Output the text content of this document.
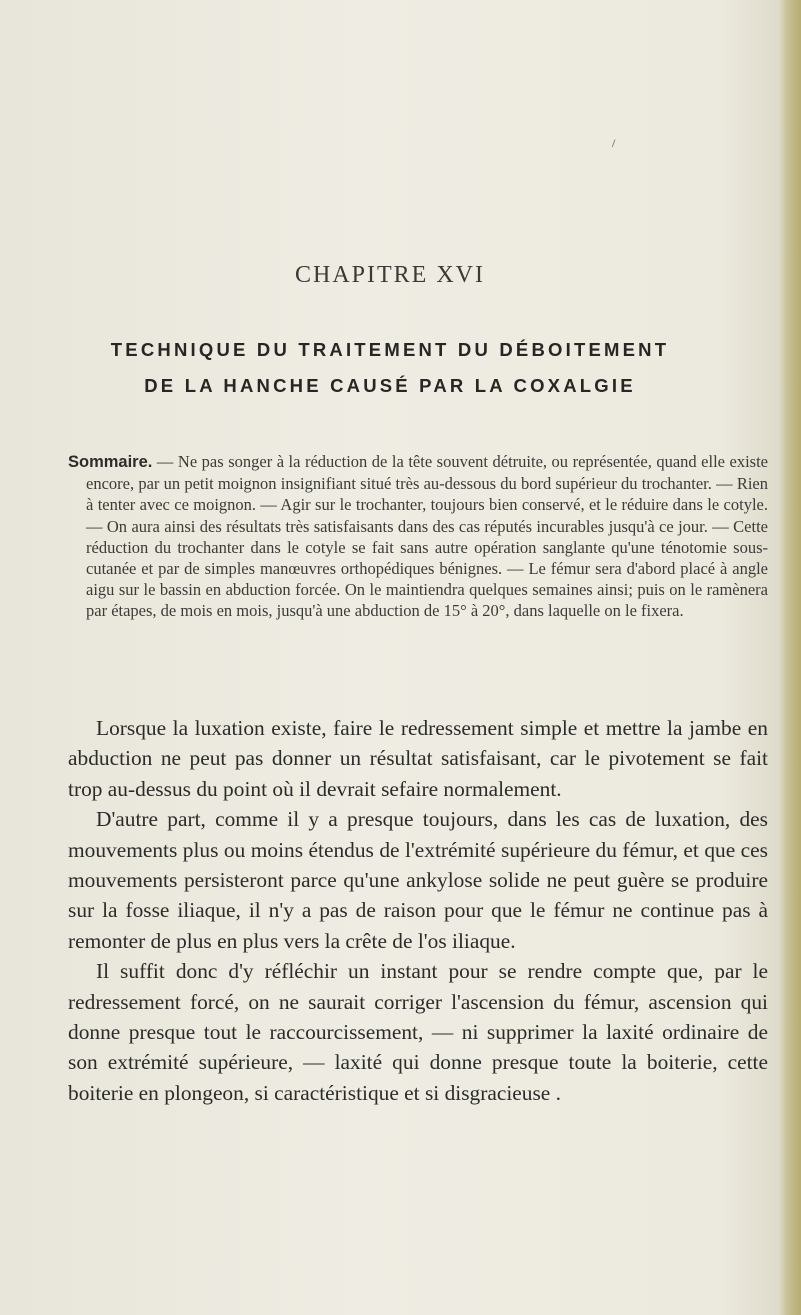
CHAPITRE XVI
TECHNIQUE DU TRAITEMENT DU DÉBOITEMENT
DE LA HANCHE CAUSÉ PAR LA COXALGIE

Sommaire. — Ne pas songer à la réduction de la tête souvent détruite, ou représentée, quand elle existe encore, par un petit moignon insignifiant situé très au-dessous du bord supérieur du trochanter. — Rien à tenter avec ce moignon. — Agir sur le trochanter, toujours bien conservé, et le réduire dans le cotyle. — On aura ainsi des résultats très satisfaisants dans des cas réputés incurables jusqu'à ce jour. — Cette réduction du trochanter dans le cotyle se fait sans autre opération sanglante qu'une ténotomie sous-cutanée et par de simples manœuvres orthopédiques bénignes. — Le fémur sera d'abord placé à angle aigu sur le bassin en abduction forcée. On le maintiendra quelques semaines ainsi; puis on le ramènera par étapes, de mois en mois, jusqu'à une abduction de 15° à 20°, dans laquelle on le fixera.

Lorsque la luxation existe, faire le redressement simple et mettre la jambe en abduction ne peut pas donner un résultat satisfaisant, car le pivotement se fait trop au-dessus du point où il devrait sefaire normalement.

D'autre part, comme il y a presque toujours, dans les cas de luxation, des mouvements plus ou moins étendus de l'extrémité supérieure du fémur, et que ces mouvements persisteront parce qu'une ankylose solide ne peut guère se produire sur la fosse iliaque, il n'y a pas de raison pour que le fémur ne continue pas à remonter de plus en plus vers la crête de l'os iliaque.

Il suffit donc d'y réfléchir un instant pour se rendre compte que, par le redressement forcé, on ne saurait corriger l'ascension du fémur, ascension qui donne presque tout le raccourcissement, — ni supprimer la laxité ordinaire de son extrémité supérieure, — laxité qui donne presque toute la boiterie, cette boiterie en plongeon, si caractéristique et si disgracieuse .
